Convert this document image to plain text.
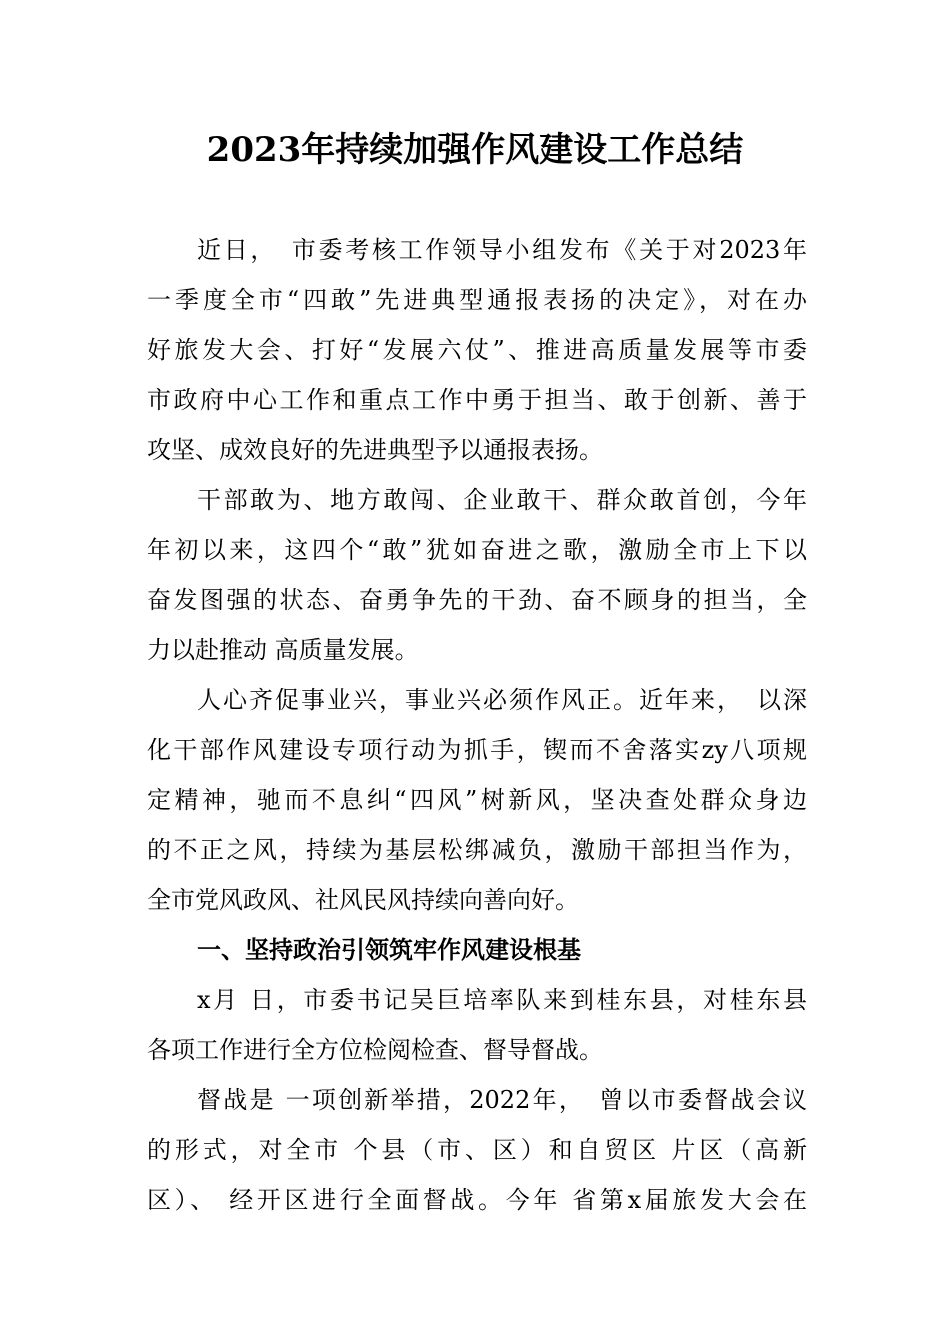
2023年持续加强作风建设工作总结

近日，　市委考核工作领导小组发布《关于对2023年

一季度全市“四敢”先进典型通报表扬的决定》，对在办

好旅发大会、打好“发展六仗”、推进高质量发展等市委

市政府中心工作和重点工作中勇于担当、敢于创新、善于

攻坚、成效良好的先进典型予以通报表扬。

干部敢为、地方敢闯、企业敢干、群众敢首创，今年

年初以来，这四个“敢”犹如奋进之歌，激励全市上下以

奋发图强的状态、奋勇争先的干劲、奋不顾身的担当，全

力以赴推动 高质量发展。

人心齐促事业兴，事业兴必须作风正。近年来，　以深

化干部作风建设专项行动为抓手，锲而不舍落实zy八项规

定精神，驰而不息纠“四风”树新风，坚决查处群众身边

的不正之风，持续为基层松绑减负，激励干部担当作为，

全市党风政风、社风民风持续向善向好。

一、坚持政治引领筑牢作风建设根基

x月 日，市委书记吴巨培率队来到桂东县，对桂东县

各项工作进行全方位检阅检查、督导督战。

督战是 一项创新举措，2022年，　曾以市委督战会议

的形式，对全市 个县（市、区）和自贸区 片区（高新

区）、 经开区进行全面督战。今年 省第x届旅发大会在
